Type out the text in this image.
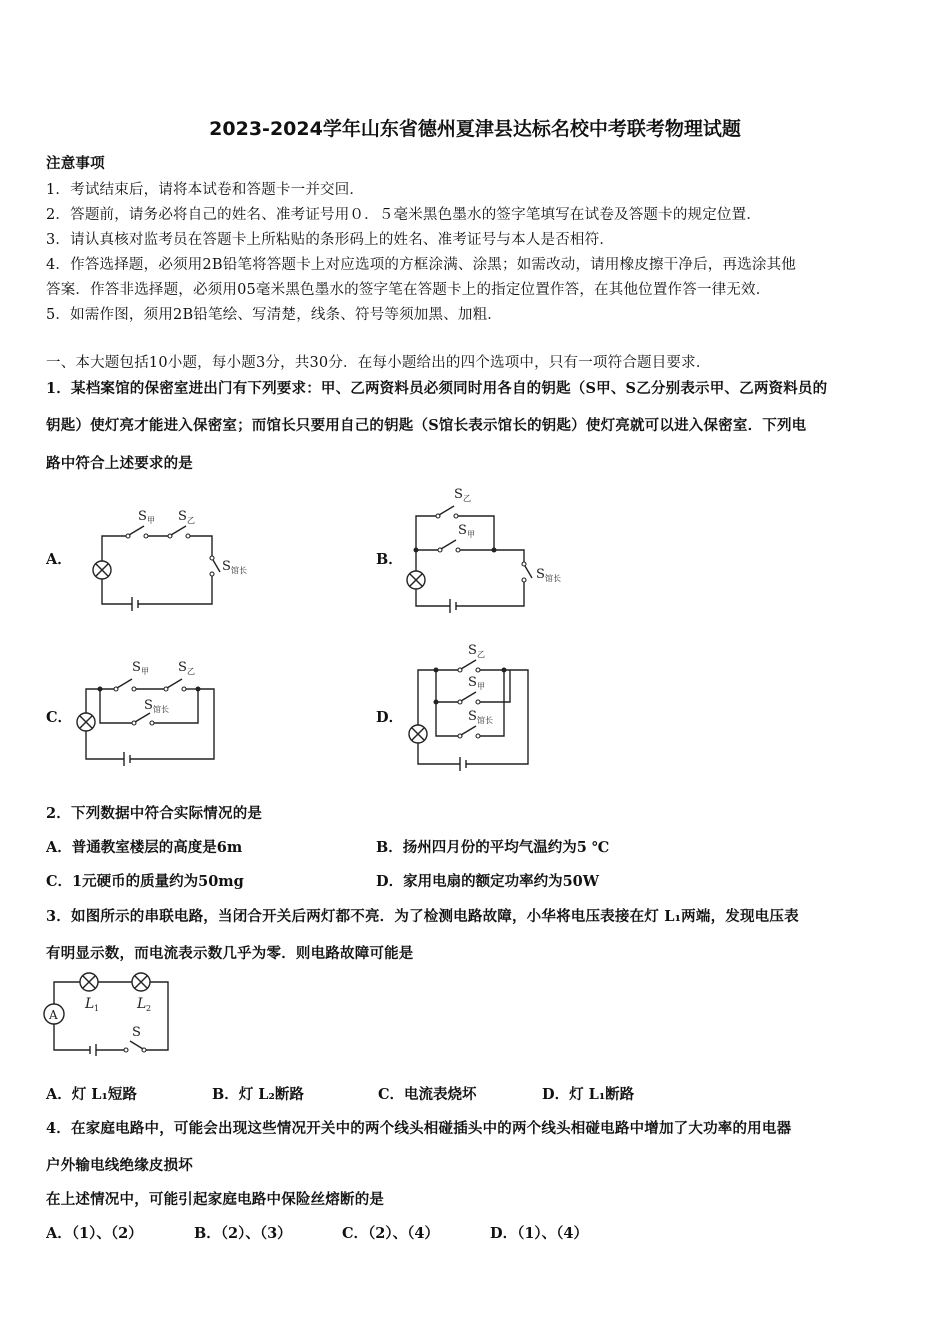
2023-2024学年山东省德州夏津县达标名校中考联考物理试题
注意事项
1．考试结束后，请将本试卷和答题卡一并交回．
2．答题前，请务必将自己的姓名、准考证号用０．５毫米黑色墨水的签字笔填写在试卷及答题卡的规定位置．
3．请认真核对监考员在答题卡上所粘贴的条形码上的姓名、准考证号与本人是否相符．
4．作答选择题，必须用2B铅笔将答题卡上对应选项的方框涂满、涂黑；如需改动，请用橡皮擦干净后，再选涂其他
答案．作答非选择题，必须用05毫米黑色墨水的签字笔在答题卡上的指定位置作答，在其他位置作答一律无效．
5．如需作图，须用2B铅笔绘、写清楚，线条、符号等须加黑、加粗．
一、本大题包括10小题，每小题3分，共30分．在每小题给出的四个选项中，只有一项符合题目要求．
1．某档案馆的保密室进出门有下列要求：甲、乙两资料员必须同时用各自的钥匙（S甲、S乙分别表示甲、乙两资料员的
钥匙）使灯亮才能进入保密室；而馆长只要用自己的钥匙（S馆长表示馆长的钥匙）使灯亮就可以进入保密室．下列电
路中符合上述要求的是
A．	B．
C．	D．
S 甲 S 乙
S 馆长
S 乙
S 甲
S 馆长
S 甲 S 乙
S 馆长
S 乙
S 甲
S 馆长
2．下列数据中符合实际情况的是
A．普通教室楼层的高度是6m	B．扬州四月份的平均气温约为5 ℃
C．1元硬币的质量约为50mg	D．家用电扇的额定功率约为50W
3．如图所示的串联电路，当闭合开关后两灯都不亮．为了检测电路故障，小华将电压表接在灯 L₁两端，发现电压表
有明显示数，而电流表示数几乎为零．则电路故障可能是
A
L 1	L 2
S
A．灯 L₁短路	B．灯 L₂断路	C．电流表烧坏	D．灯 L₁断路
4．在家庭电路中，可能会出现这些情况开关中的两个线头相碰插头中的两个线头相碰电路中增加了大功率的用电器
户外输电线绝缘皮损坏
在上述情况中，可能引起家庭电路中保险丝熔断的是
A．（1）、（2）	B．（2）、（3）	C．（2）、（4）	D．（1）、（4）
